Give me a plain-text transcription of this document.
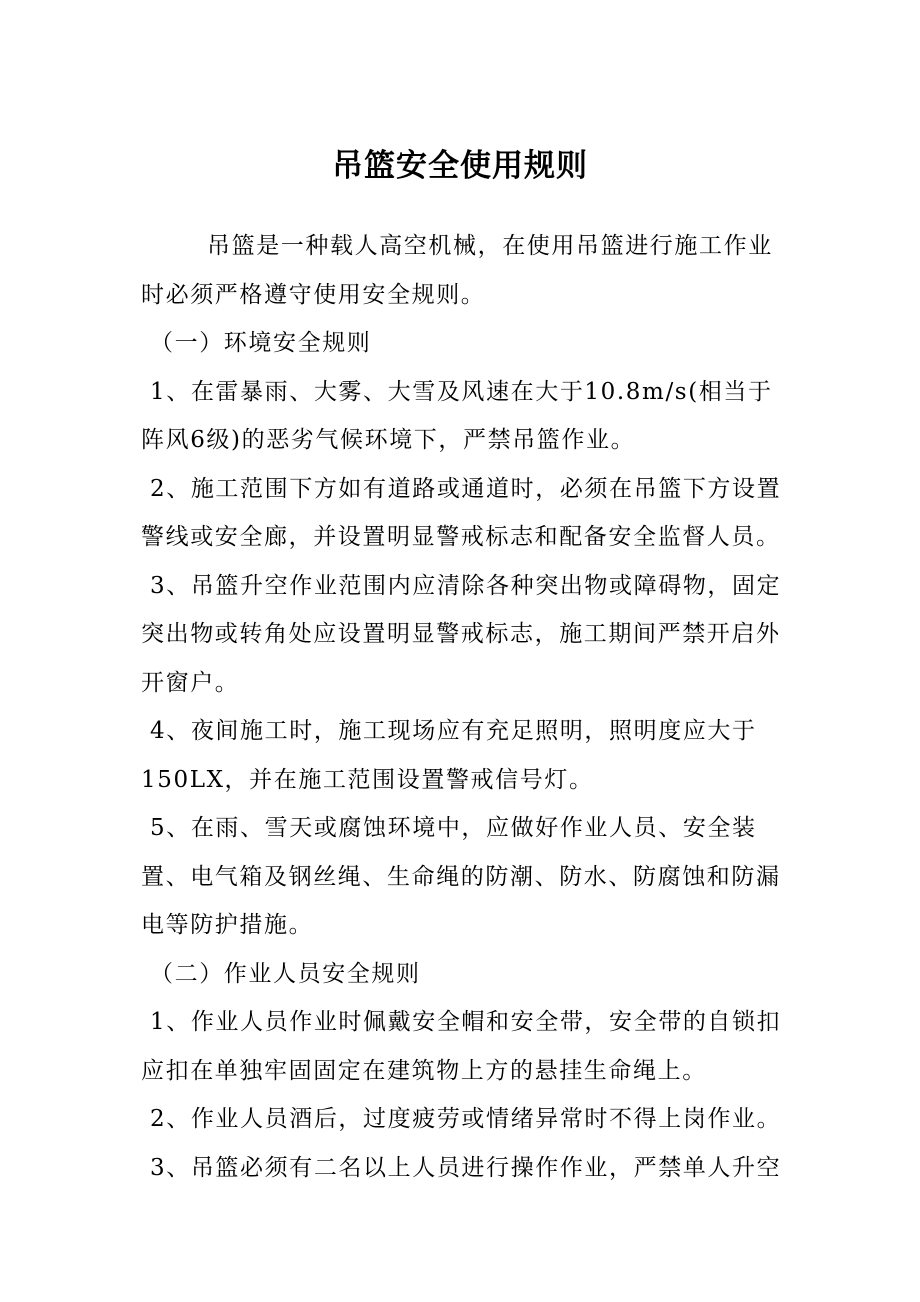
吊篮安全使用规则

吊篮是一种载人高空机械，在使用吊篮进行施工作业时必须严格遵守使用安全规则。

（一）环境安全规则

1、在雷暴雨、大雾、大雪及风速在大于10.8m/s(相当于阵风6级)的恶劣气候环境下，严禁吊篮作业。

2、施工范围下方如有道路或通道时，必须在吊篮下方设置警线或安全廊，并设置明显警戒标志和配备安全监督人员。

3、吊篮升空作业范围内应清除各种突出物或障碍物，固定突出物或转角处应设置明显警戒标志，施工期间严禁开启外开窗户。

4、夜间施工时，施工现场应有充足照明，照明度应大于150LX，并在施工范围设置警戒信号灯。

5、在雨、雪天或腐蚀环境中，应做好作业人员、安全装置、电气箱及钢丝绳、生命绳的防潮、防水、防腐蚀和防漏电等防护措施。

（二）作业人员安全规则

1、作业人员作业时佩戴安全帽和安全带，安全带的自锁扣应扣在单独牢固固定在建筑物上方的悬挂生命绳上。

2、作业人员酒后，过度疲劳或情绪异常时不得上岗作业。

3、吊篮必须有二名以上人员进行操作作业，严禁单人升空
